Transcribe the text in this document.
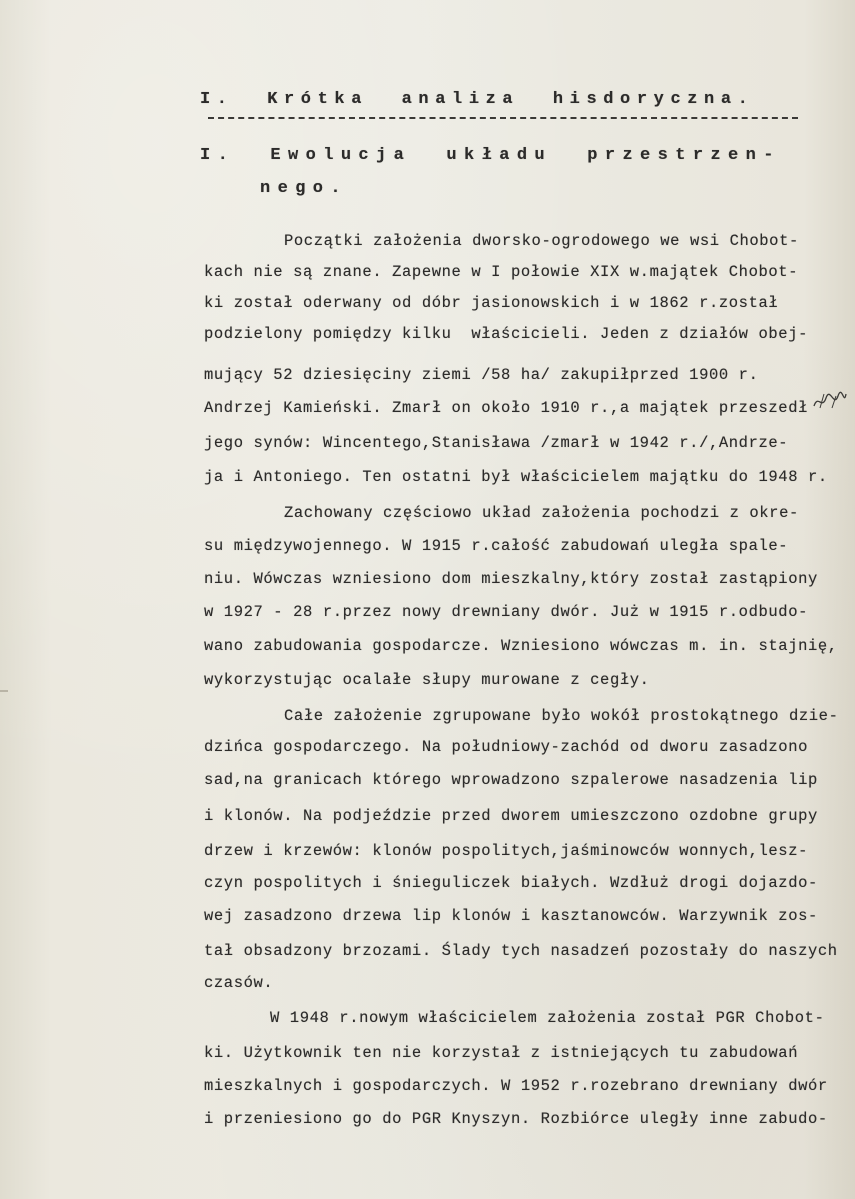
I.  Krótka  analiza  hisdoryczna.
I.  Ewolucja  układu  przestrzen-
nego.
Początki założenia dworsko-ogrodowego we wsi Chobot-
kach nie są znane. Zapewne w I połowie XIX w.majątek Chobot-
ki został oderwany od dóbr jasionowskich i w 1862 r.został
podzielony pomiędzy kilku  właścicieli. Jeden z działów obej-
mujący 52 dziesięciny ziemi /58 ha/ zakupiłprzed 1900 r.
Andrzej Kamieński. Zmarł on około 1910 r.,a majątek przeszedł
jego synów: Wincentego,Stanisława /zmarł w 1942 r./,Andrze-
ja i Antoniego. Ten ostatni był właścicielem majątku do 1948 r.
Zachowany częściowo układ założenia pochodzi z okre-
su międzywojennego. W 1915 r.całość zabudowań uległa spale-
niu. Wówczas wzniesiono dom mieszkalny,który został zastąpiony
w 1927 - 28 r.przez nowy drewniany dwór. Już w 1915 r.odbudo-
wano zabudowania gospodarcze. Wzniesiono wówczas m. in. stajnię,
wykorzystując ocalałe słupy murowane z cegły.
Całe założenie zgrupowane było wokół prostokątnego dzie-
dzińca gospodarczego. Na południowy-zachód od dworu zasadzono
sad,na granicach którego wprowadzono szpalerowe nasadzenia lip
i klonów. Na podjeździe przed dworem umieszczono ozdobne grupy
drzew i krzewów: klonów pospolitych,jaśminowców wonnych,lesz-
czyn pospolitych i śnieguliczek białych. Wzdłuż drogi dojazdo-
wej zasadzono drzewa lip klonów i kasztanowców. Warzywnik zos-
tał obsadzony brzozami. Ślady tych nasadzeń pozostały do naszych
czasów.
W 1948 r.nowym właścicielem założenia został PGR Chobot-
ki. Użytkownik ten nie korzystał z istniejących tu zabudowań
mieszkalnych i gospodarczych. W 1952 r.rozebrano drewniany dwór
i przeniesiono go do PGR Knyszyn. Rozbiórce uległy inne zabudo-
